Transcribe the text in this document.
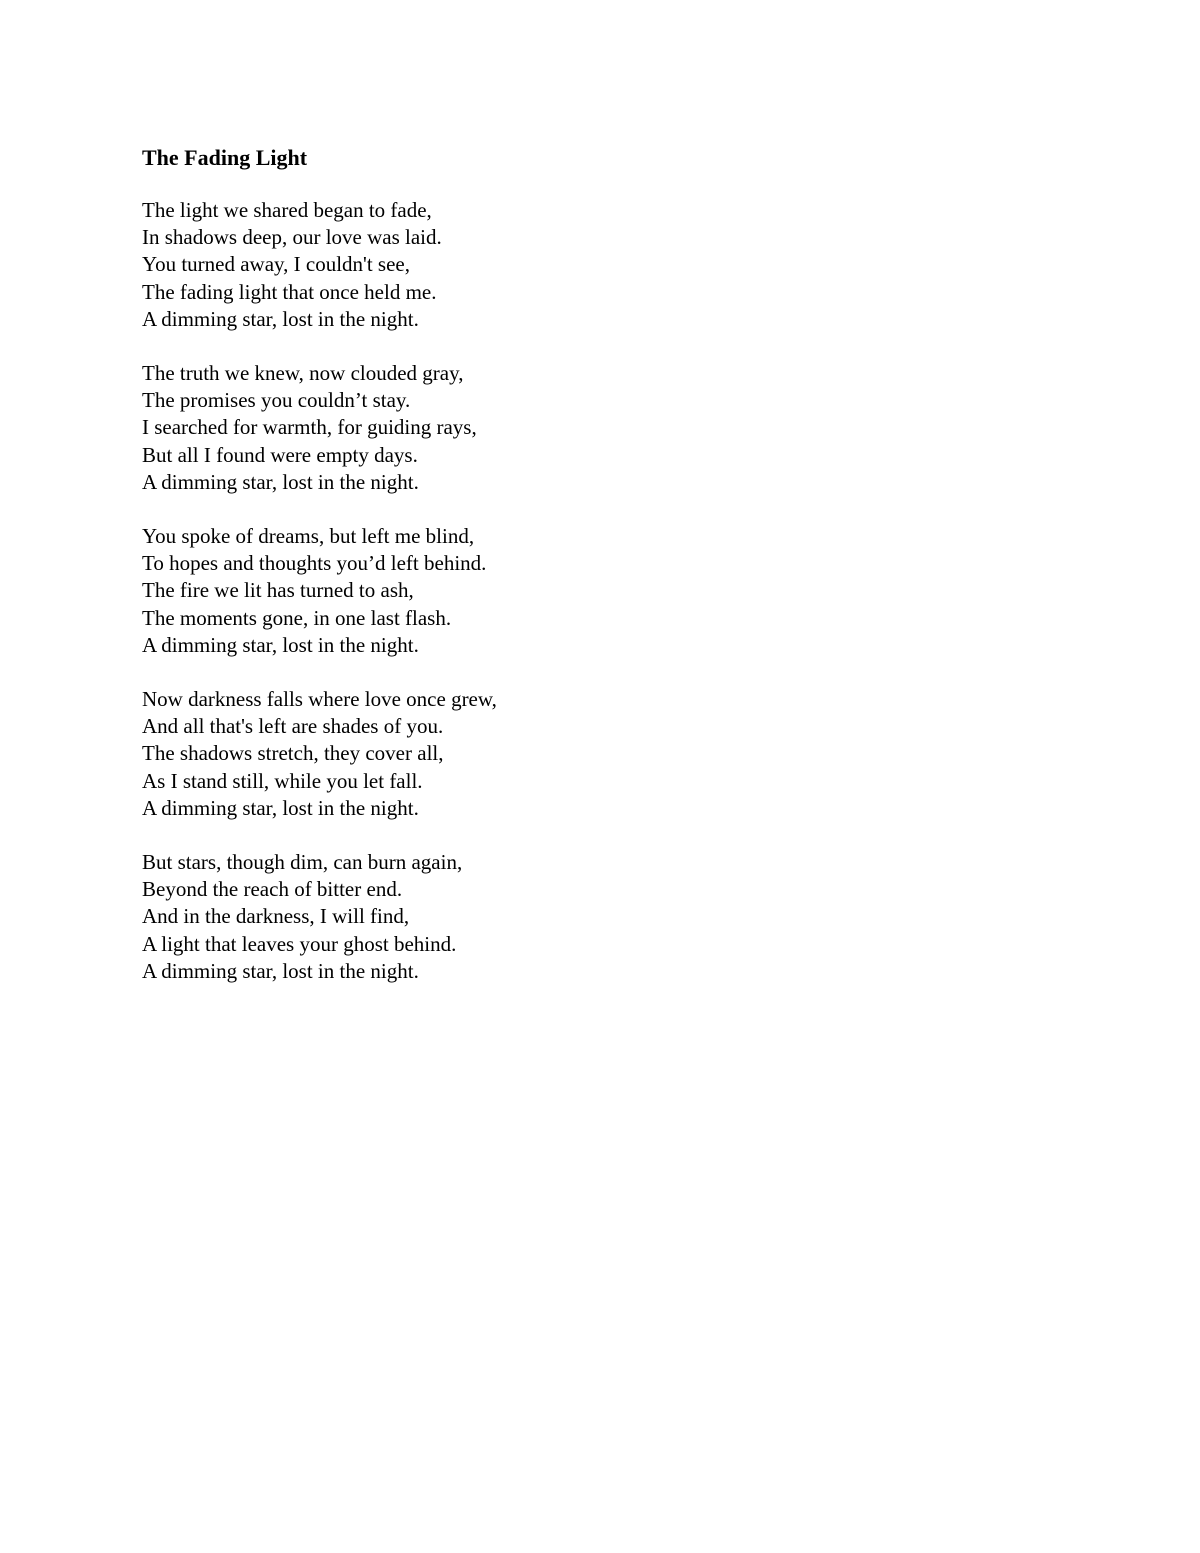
The Fading Light
The light we shared began to fade,
In shadows deep, our love was laid.
You turned away, I couldn't see,
The fading light that once held me.
A dimming star, lost in the night.
The truth we knew, now clouded gray,
The promises you couldn’t stay.
I searched for warmth, for guiding rays,
But all I found were empty days.
A dimming star, lost in the night.
You spoke of dreams, but left me blind,
To hopes and thoughts you’d left behind.
The fire we lit has turned to ash,
The moments gone, in one last flash.
A dimming star, lost in the night.
Now darkness falls where love once grew,
And all that's left are shades of you.
The shadows stretch, they cover all,
As I stand still, while you let fall.
A dimming star, lost in the night.
But stars, though dim, can burn again,
Beyond the reach of bitter end.
And in the darkness, I will find,
A light that leaves your ghost behind.
A dimming star, lost in the night.
